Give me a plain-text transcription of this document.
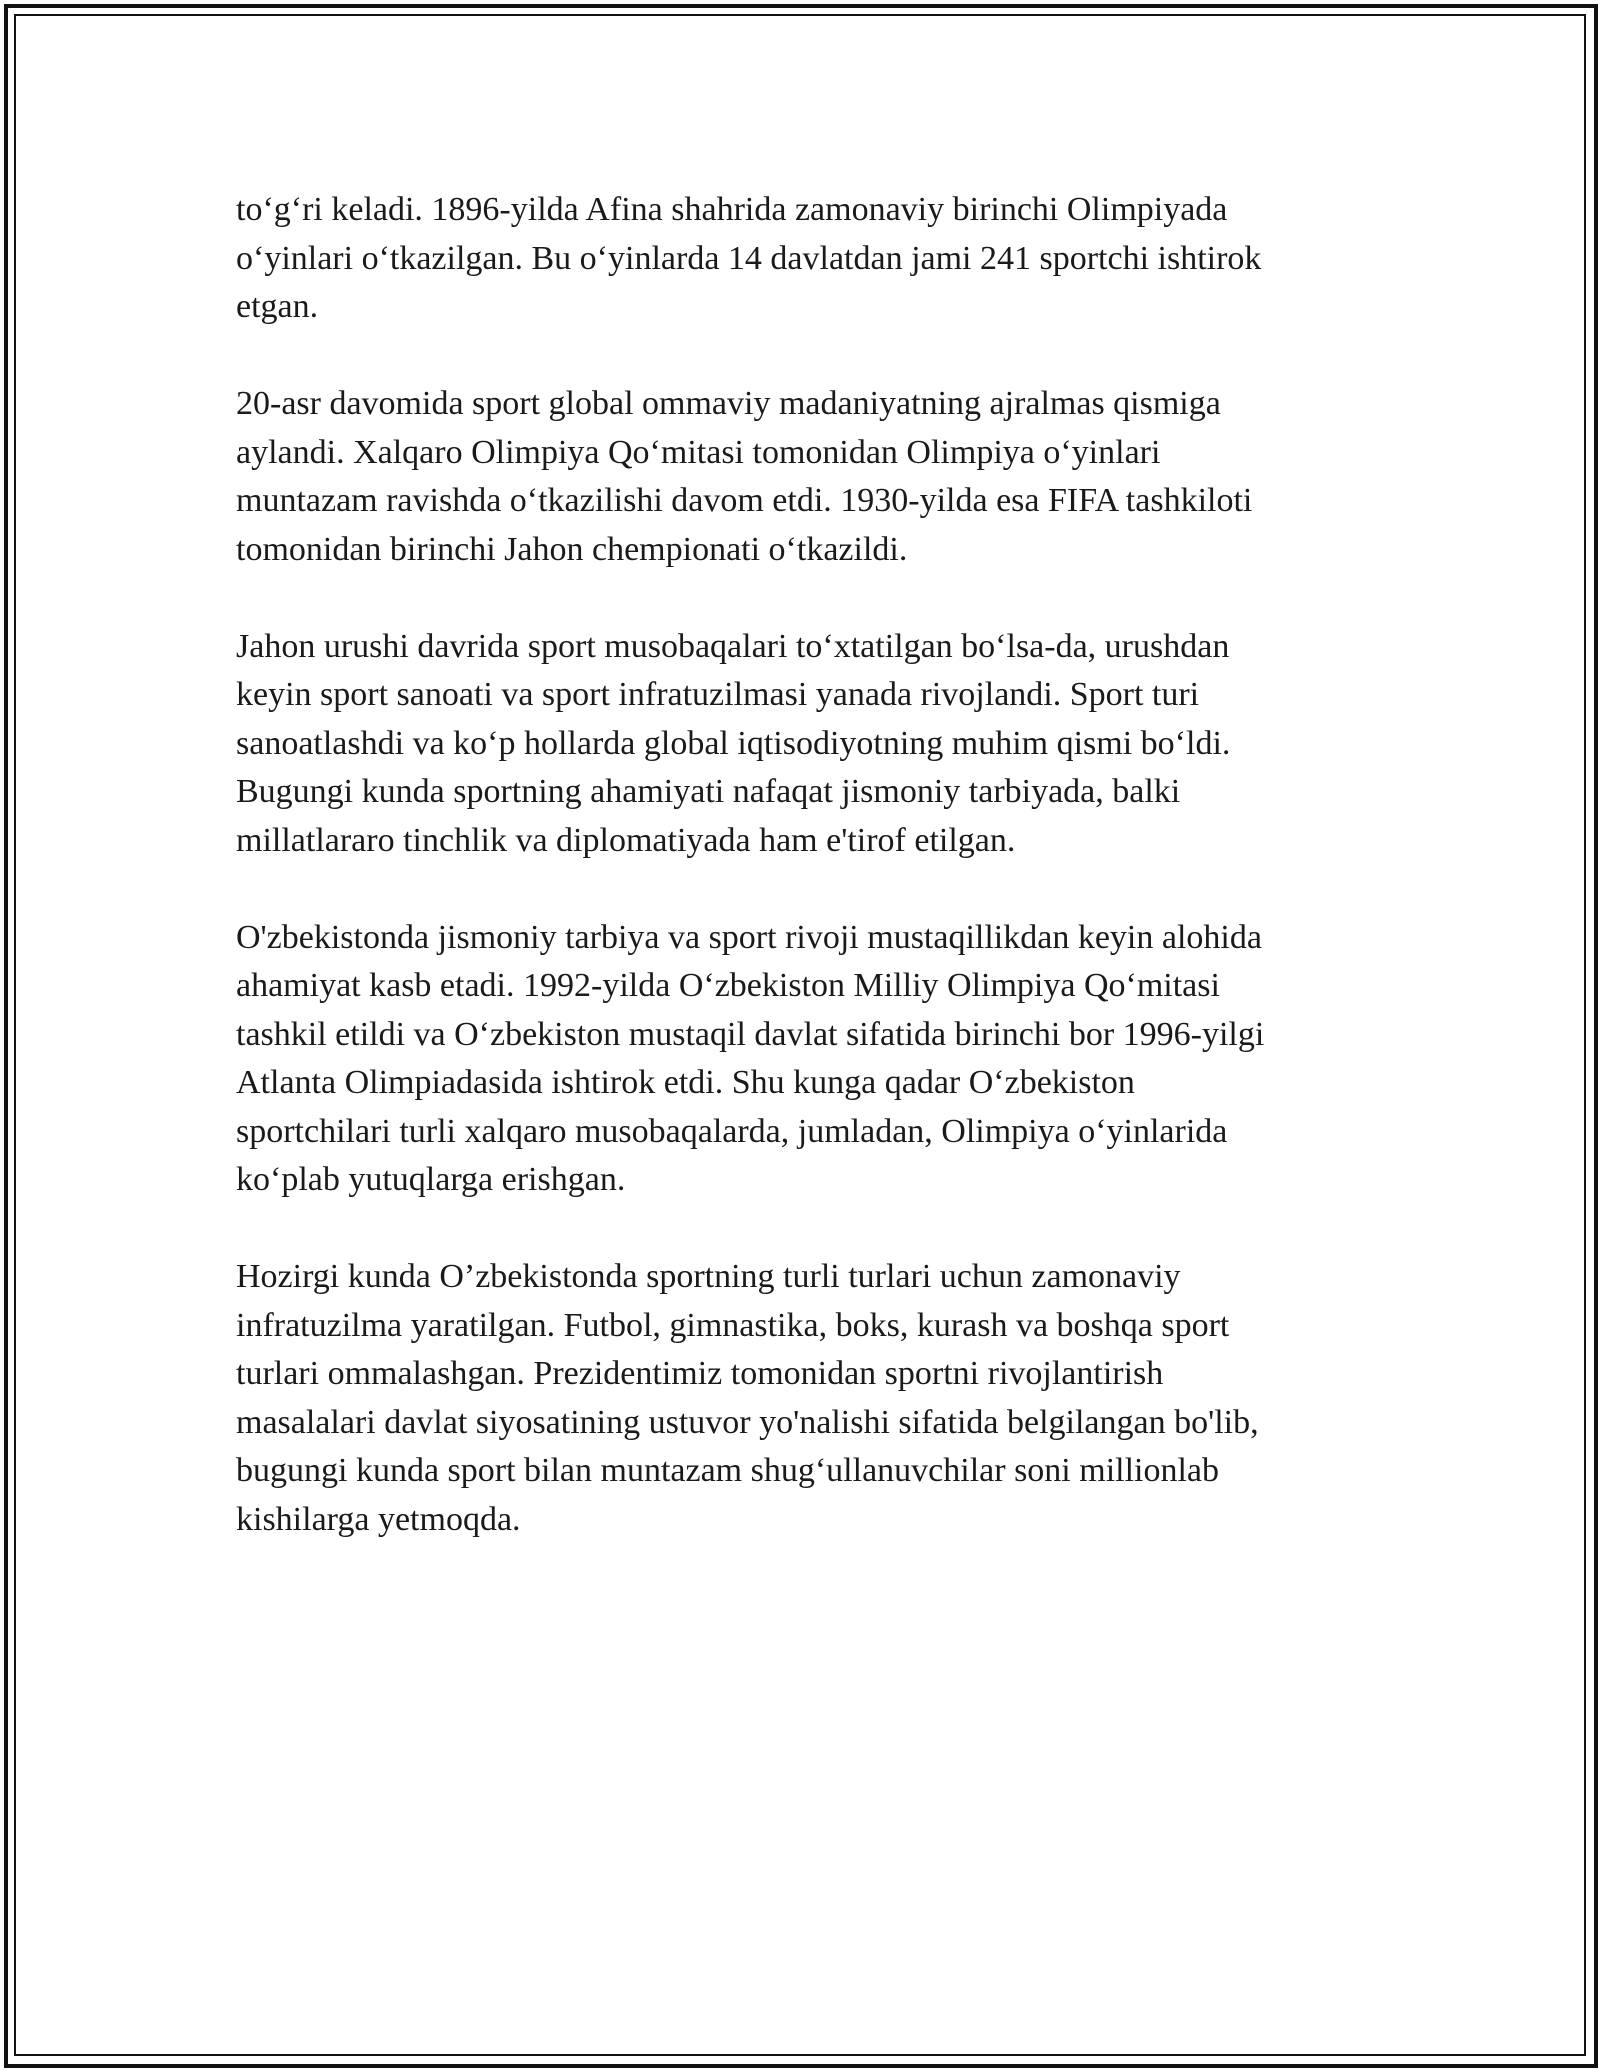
to‘g‘ri keladi. 1896-yilda Afina shahrida zamonaviy birinchi Olimpiyada
o‘yinlari o‘tkazilgan. Bu o‘yinlarda 14 davlatdan jami 241 sportchi ishtirok
etgan.

20-asr davomida sport global ommaviy madaniyatning ajralmas qismiga
aylandi. Xalqaro Olimpiya Qo‘mitasi tomonidan Olimpiya o‘yinlari
muntazam ravishda o‘tkazilishi davom etdi. 1930-yilda esa FIFA tashkiloti
tomonidan birinchi Jahon chempionati o‘tkazildi.

Jahon urushi davrida sport musobaqalari to‘xtatilgan bo‘lsa-da, urushdan
keyin sport sanoati va sport infratuzilmasi yanada rivojlandi. Sport turi
sanoatlashdi va ko‘p hollarda global iqtisodiyotning muhim qismi bo‘ldi.
Bugungi kunda sportning ahamiyati nafaqat jismoniy tarbiyada, balki
millatlararo tinchlik va diplomatiyada ham e'tirof etilgan.

O'zbekistonda jismoniy tarbiya va sport rivoji mustaqillikdan keyin alohida
ahamiyat kasb etadi. 1992-yilda O‘zbekiston Milliy Olimpiya Qo‘mitasi
tashkil etildi va O‘zbekiston mustaqil davlat sifatida birinchi bor 1996-yilgi
Atlanta Olimpiadasida ishtirok etdi. Shu kunga qadar O‘zbekiston
sportchilari turli xalqaro musobaqalarda, jumladan, Olimpiya o‘yinlarida
ko‘plab yutuqlarga erishgan.

Hozirgi kunda O’zbekistonda sportning turli turlari uchun zamonaviy
infratuzilma yaratilgan. Futbol, gimnastika, boks, kurash va boshqa sport
turlari ommalashgan. Prezidentimiz tomonidan sportni rivojlantirish
masalalari davlat siyosatining ustuvor yo'nalishi sifatida belgilangan bo'lib,
bugungi kunda sport bilan muntazam shug‘ullanuvchilar soni millionlab
kishilarga yetmoqda.
